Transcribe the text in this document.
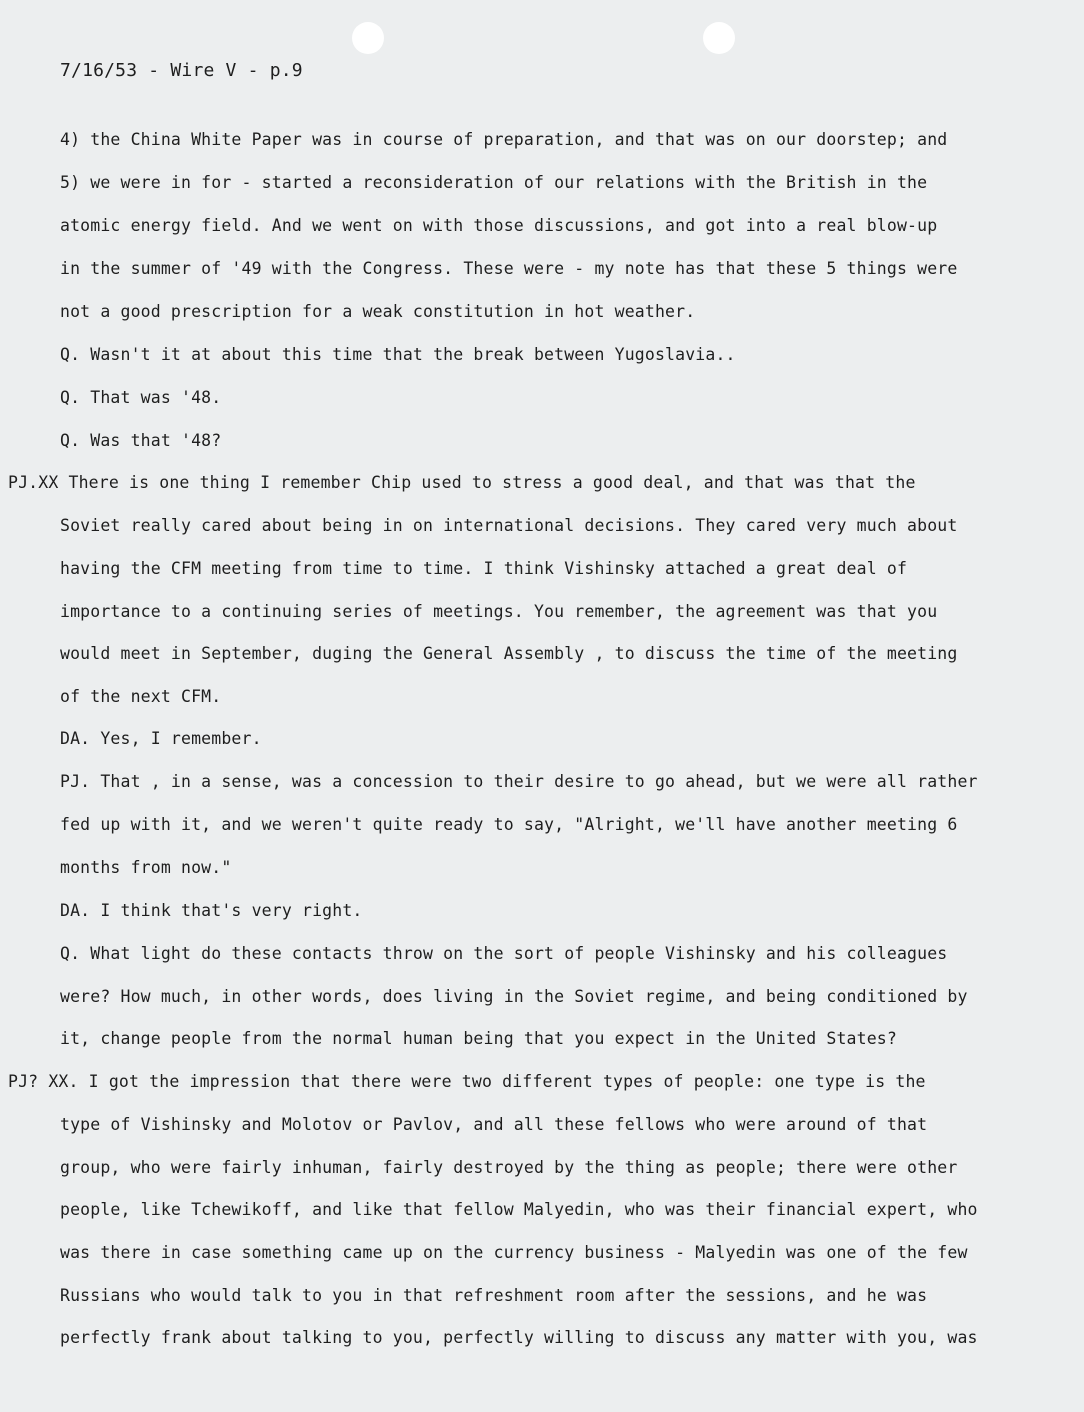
7/16/53 - Wire V - p.9
4) the China White Paper was in course of preparation, and that was on our doorstep; and
5) we were in for - started a reconsideration of our relations with the British in the
atomic energy field. And we went on with those discussions, and got into a real blow-up
in the summer of '49 with the Congress. These were - my note has that these 5 things were
not a good prescription for a weak constitution in hot weather.
Q. Wasn't it at about this time that the break between Yugoslavia..
Q. That was '48.
Q. Was that '48?
PJ.XX There is one thing I remember Chip used to stress a good deal, and that was that the
Soviet really cared about being in on international decisions. They cared very much about
having the CFM meeting from time to time. I think Vishinsky attached a great deal of
importance to a continuing series of meetings. You remember, the agreement was that you
would meet in September, duging the General Assembly , to discuss the time of the meeting
of the next CFM.
DA. Yes, I remember.
PJ. That , in a sense, was a concession to their desire to go ahead, but we were all rather
fed up with it, and we weren't quite ready to say, "Alright, we'll have another meeting 6
months from now."
DA. I think that's very right.
Q. What light do these contacts throw on the sort of people Vishinsky and his colleagues
were? How much, in other words, does living in the Soviet regime, and being conditioned by
it, change people from the normal human being that you expect in the United States?
PJ? XX. I got the impression that there were two different types of people: one type is the
type of Vishinsky and Molotov or Pavlov, and all these fellows who were around of that
group, who were fairly inhuman, fairly destroyed by the thing as people; there were other
people, like Tchewikoff, and like that fellow Malyedin, who was their financial expert, who
was there in case something came up on the currency business - Malyedin was one of the few
Russians who would talk to you in that refreshment room after the sessions, and he was
perfectly frank about talking to you, perfectly willing to discuss any matter with you, was
